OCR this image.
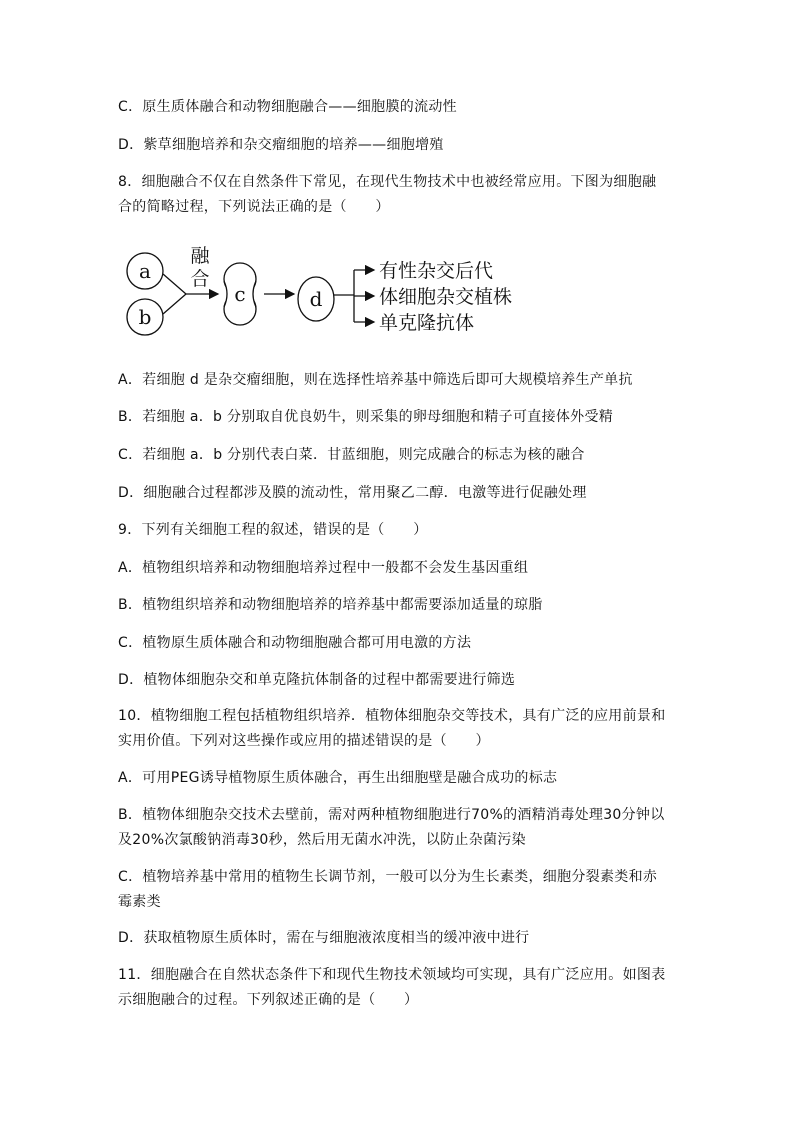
C．原生质体融合和动物细胞融合——细胞膜的流动性
D．紫草细胞培养和杂交瘤细胞的培养——细胞增殖
8．细胞融合不仅在自然条件下常见，在现代生物技术中也被经常应用。下图为细胞融
合的简略过程，下列说法正确的是（　　）
a
b
融
合
c	d
有性杂交后代
体细胞杂交植株
单克隆抗体
A．若细胞 d 是杂交瘤细胞，则在选择性培养基中筛选后即可大规模培养生产单抗
B．若细胞 a．b 分别取自优良奶牛，则采集的卵母细胞和精子可直接体外受精
C．若细胞 a．b 分别代表白菜．甘蓝细胞，则完成融合的标志为核的融合
D．细胞融合过程都涉及膜的流动性，常用聚乙二醇．电激等进行促融处理
9．下列有关细胞工程的叙述，错误的是（　　）
A．植物组织培养和动物细胞培养过程中一般都不会发生基因重组
B．植物组织培养和动物细胞培养的培养基中都需要添加适量的琼脂
C．植物原生质体融合和动物细胞融合都可用电激的方法
D．植物体细胞杂交和单克隆抗体制备的过程中都需要进行筛选
10．植物细胞工程包括植物组织培养．植物体细胞杂交等技术，具有广泛的应用前景和
实用价值。下列对这些操作或应用的描述错误的是（　　）
A．可用PEG诱导植物原生质体融合，再生出细胞壁是融合成功的标志
B．植物体细胞杂交技术去壁前，需对两种植物细胞进行70%的酒精消毒处理30分钟以
及20%次氯酸钠消毒30秒，然后用无菌水冲洗，以防止杂菌污染
C．植物培养基中常用的植物生长调节剂，一般可以分为生长素类，细胞分裂素类和赤
霉素类
D．获取植物原生质体时，需在与细胞液浓度相当的缓冲液中进行
11．细胞融合在自然状态条件下和现代生物技术领域均可实现，具有广泛应用。如图表
示细胞融合的过程。下列叙述正确的是（　　）
